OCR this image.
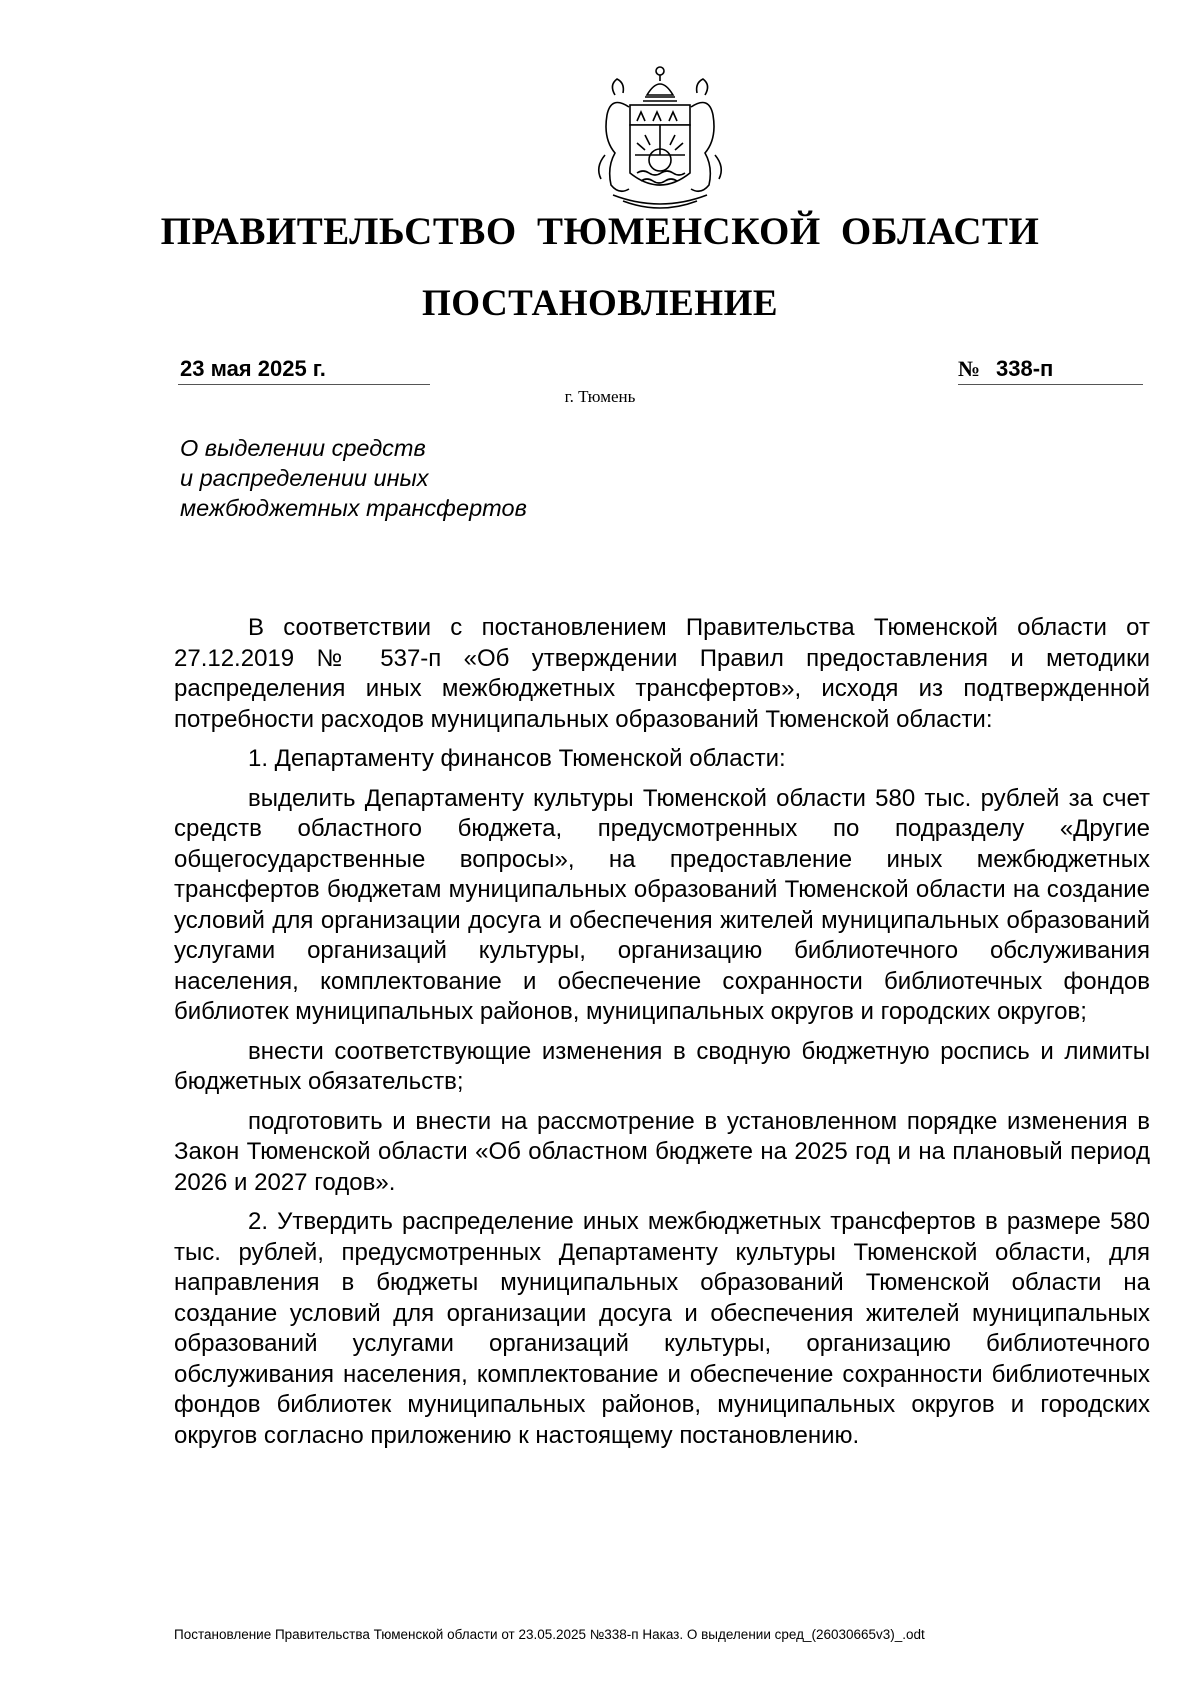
ПРАВИТЕЛЬСТВО ТЮМЕНСКОЙ ОБЛАСТИ
ПОСТАНОВЛЕНИЕ
23 мая 2025 г.	№ 338-п
г. Тюмень
О выделении средств
и распределении иных
межбюджетных трансфертов

В соответствии с постановлением Правительства Тюменской области от 27.12.2019 № 537-п «Об утверждении Правил предоставления и методики распределения иных межбюджетных трансфертов», исходя из подтвержденной потребности расходов муниципальных образований Тюменской области:

1. Департаменту финансов Тюменской области:

выделить Департаменту культуры Тюменской области 580 тыс. рублей за счет средств областного бюджета, предусмотренных по подразделу «Другие общегосударственные вопросы», на предоставление иных межбюджетных трансфертов бюджетам муниципальных образований Тюменской области на создание условий для организации досуга и обеспечения жителей муниципальных образований услугами организаций культуры, организацию библиотечного обслуживания населения, комплектование и обеспечение сохранности библиотечных фондов библиотек муниципальных районов, муниципальных округов и городских округов;

внести соответствующие изменения в сводную бюджетную роспись и лимиты бюджетных обязательств;

подготовить и внести на рассмотрение в установленном порядке изменения в Закон Тюменской области «Об областном бюджете на 2025 год и на плановый период 2026 и 2027 годов».

2. Утвердить распределение иных межбюджетных трансфертов в размере 580 тыс. рублей, предусмотренных Департаменту культуры Тюменской области, для направления в бюджеты муниципальных образований Тюменской области на создание условий для организации досуга и обеспечения жителей муниципальных образований услугами организаций культуры, организацию библиотечного обслуживания населения, комплектование и обеспечение сохранности библиотечных фондов библиотек муниципальных районов, муниципальных округов и городских округов согласно приложению к настоящему постановлению.

Постановление Правительства Тюменской области от 23.05.2025 №338-п Наказ. О выделении сред_(26030665v3)_.odt
